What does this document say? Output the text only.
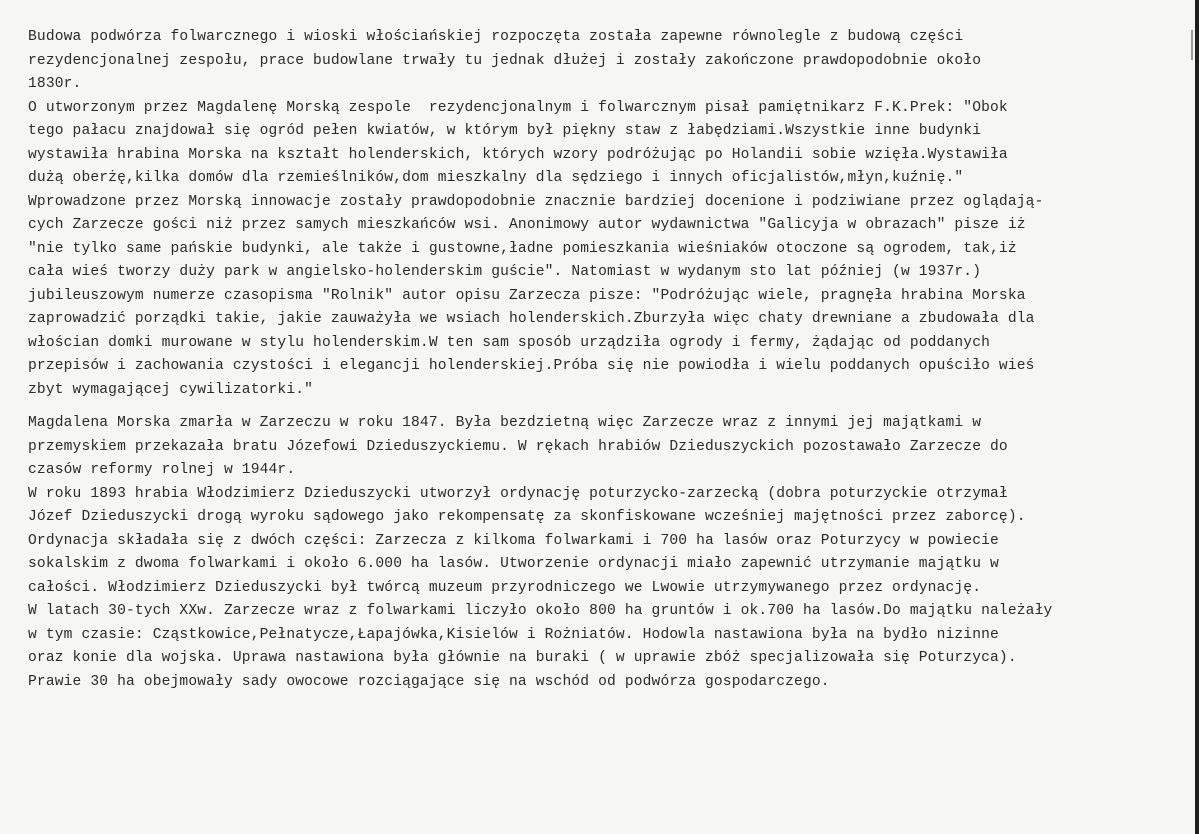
Budowa podwórza folwarcznego i wioski włościańskiej rozpoczęta została zapewne równolegle z budową części
rezydencjonalnej zespołu, prace budowlane trwały tu jednak dłużej i zostały zakończone prawdopodobnie około
1830r.
O utworzonym przez Magdalenę Morską zespole  rezydencjonalnym i folwarcznym pisał pamiętnikarz F.K.Prek: "Obok
tego pałacu znajdował się ogród pełen kwiatów, w którym był piękny staw z łabędziami.Wszystkie inne budynki
wystawiła hrabina Morska na kształt holenderskich, których wzory podróżując po Holandii sobie wzięła.Wystawiła
dużą oberżę,kilka domów dla rzemieślników,dom mieszkalny dla sędziego i innych oficjalistów,młyn,kuźnię."
Wprowadzone przez Morską innowacje zostały prawdopodobnie znacznie bardziej docenione i podziwiane przez oglądają-
cych Zarzecze gości niż przez samych mieszkańców wsi. Anonimowy autor wydawnictwa "Galicyja w obrazach" pisze iż
"nie tylko same pańskie budynki, ale także i gustowne,ładne pomieszkania wieśniaków otoczone są ogrodem, tak,iż
cała wieś tworzy duży park w angielsko-holenderskim guście". Natomiast w wydanym sto lat później (w 1937r.)
jubileuszowym numerze czasopisma "Rolnik" autor opisu Zarzecza pisze: "Podróżując wiele, pragnęła hrabina Morska
zaprowadzić porządki takie, jakie zauważyła we wsiach holenderskich.Zburzyła więc chaty drewniane a zbudowała dla
włościan domki murowane w stylu holenderskim.W ten sam sposób urządziła ogrody i fermy, żądając od poddanych
przepisów i zachowania czystości i elegancji holenderskiej.Próba się nie powiodła i wielu poddanych opuściło wieś
zbyt wymagającej cywilizatorki."
Magdalena Morska zmarła w Zarzeczu w roku 1847. Była bezdzietną więc Zarzecze wraz z innymi jej majątkami w
przemyskiem przekazała bratu Józefowi Dzieduszyckiemu. W rękach hrabiów Dzieduszyckich pozostawało Zarzecze do
czasów reformy rolnej w 1944r.
W roku 1893 hrabia Włodzimierz Dzieduszycki utworzył ordynację poturzycko-zarzecką (dobra poturzyckie otrzymał
Józef Dzieduszycki drogą wyroku sądowego jako rekompensatę za skonfiskowane wcześniej majętności przez zaborcę).
Ordynacja składała się z dwóch części: Zarzecza z kilkoma folwarkami i 700 ha lasów oraz Poturzycy w powiecie
sokalskim z dwoma folwarkami i około 6.000 ha lasów. Utworzenie ordynacji miało zapewnić utrzymanie majątku w
całości. Włodzimierz Dzieduszycki był twórcą muzeum przyrodniczego we Lwowie utrzymywanego przez ordynację.
W latach 30-tych XXw. Zarzecze wraz z folwarkami liczyło około 800 ha gruntów i ok.700 ha lasów.Do majątku należały
w tym czasie: Cząstkowice,Pełnatycze,Łapajówka,Kisielów i Rożniatów. Hodowla nastawiona była na bydło nizinne
oraz konie dla wojska. Uprawa nastawiona była głównie na buraki ( w uprawie zbóż specjalizowała się Poturzyca).
Prawie 30 ha obejmowały sady owocowe rozciągające się na wschód od podwórza gospodarczego.
